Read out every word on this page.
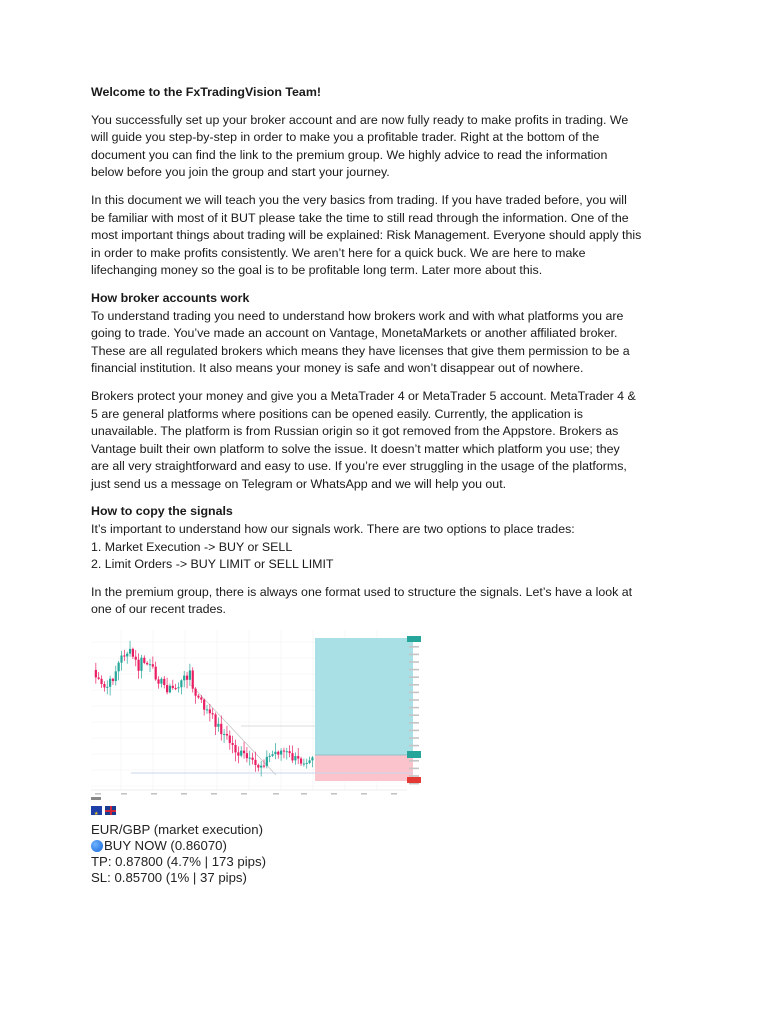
Welcome to the FxTradingVision Team!

You successfully set up your broker account and are now fully ready to make profits in trading. We
will guide you step-by-step in order to make you a profitable trader. Right at the bottom of the
document you can find the link to the premium group. We highly advice to read the information
below before you join the group and start your journey.

In this document we will teach you the very basics from trading. If you have traded before, you will
be familiar with most of it BUT please take the time to still read through the information. One of the
most important things about trading will be explained: Risk Management. Everyone should apply this
in order to make profits consistently. We aren’t here for a quick buck. We are here to make
lifechanging money so the goal is to be profitable long term. Later more about this.

How broker accounts work

To understand trading you need to understand how brokers work and with what platforms you are
going to trade. You’ve made an account on Vantage, MonetaMarkets or another affiliated broker.
These are all regulated brokers which means they have licenses that give them permission to be a
financial institution. It also means your money is safe and won’t disappear out of nowhere.

Brokers protect your money and give you a MetaTrader 4 or MetaTrader 5 account. MetaTrader 4 &
5 are general platforms where positions can be opened easily. Currently, the application is
unavailable. The platform is from Russian origin so it got removed from the Appstore. Brokers as
Vantage built their own platform to solve the issue. It doesn’t matter which platform you use; they
are all very straightforward and easy to use. If you’re ever struggling in the usage of the platforms,
just send us a message on Telegram or WhatsApp and we will help you out.

How to copy the signals

It’s important to understand how our signals work. There are two options to place trades:
1. Market Execution -> BUY or SELL
2. Limit Orders -> BUY LIMIT or SELL LIMIT

In the premium group, there is always one format used to structure the signals. Let’s have a look at
one of our recent trades.

★
EUR/GBP (market execution)
BUY NOW (0.86070)
TP: 0.87800 (4.7% | 173 pips)
SL: 0.85700 (1% | 37 pips)
